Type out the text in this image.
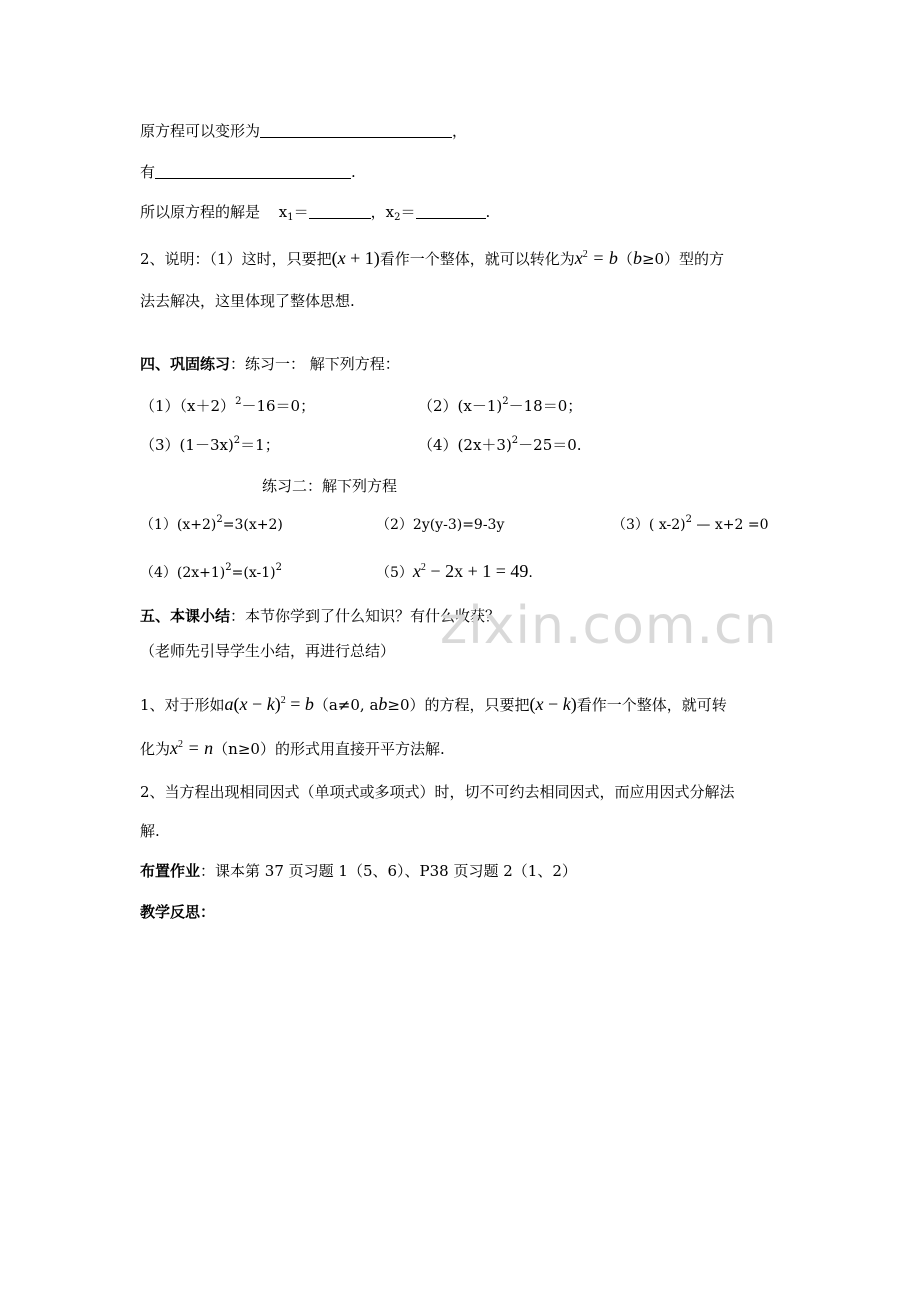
原方程可以变形为	，
有	.
所以原方程的解是 $x_1=$	，$x_2=$	.
2、说明：（1）这时，只要把(x + 1)看作一个整体，就可以转化为$x^2 = b(b\ge 0)$型的方
法去解决，这里体现了整体思想.
四、巩固练习：练习一： 解下列方程：
$(1)(x+2)^2-16=0$；	$(2)(x-1)^2-18=0$；
$(3)(1-3x)^2=1$；	$(4)(2x+3)^2-25=0$.
练习二：解下列方程
$(1)(x+2)^2=3(x+2)$	（2）2y(y-3)=9-3y	（3）( x-2)$^2$ — x+2 =0
$(4)(2x+1)^2=(x-1)^2$	$(5)x^2 - 2x + 1 = 49$.
五、本课小结：本节你学到了什么知识？有什么收获？
zixin.com.cn
（老师先引导学生小结，再进行总结）
1、对于形如$a(x - k)^2 = b(a\ne 0$, ab≥0）的方程，只要把(x − k)看作一个整体，就可转
化为$x^2 = n(n\ge 0)$的形式用直接开平方法解.
2、当方程出现相同因式（单项式或多项式）时，切不可约去相同因式，而应用因式分解法
解.
布置作业：课本第 37 页习题 1（5、6）、P38 页习题 2（1、2）
教学反思：
